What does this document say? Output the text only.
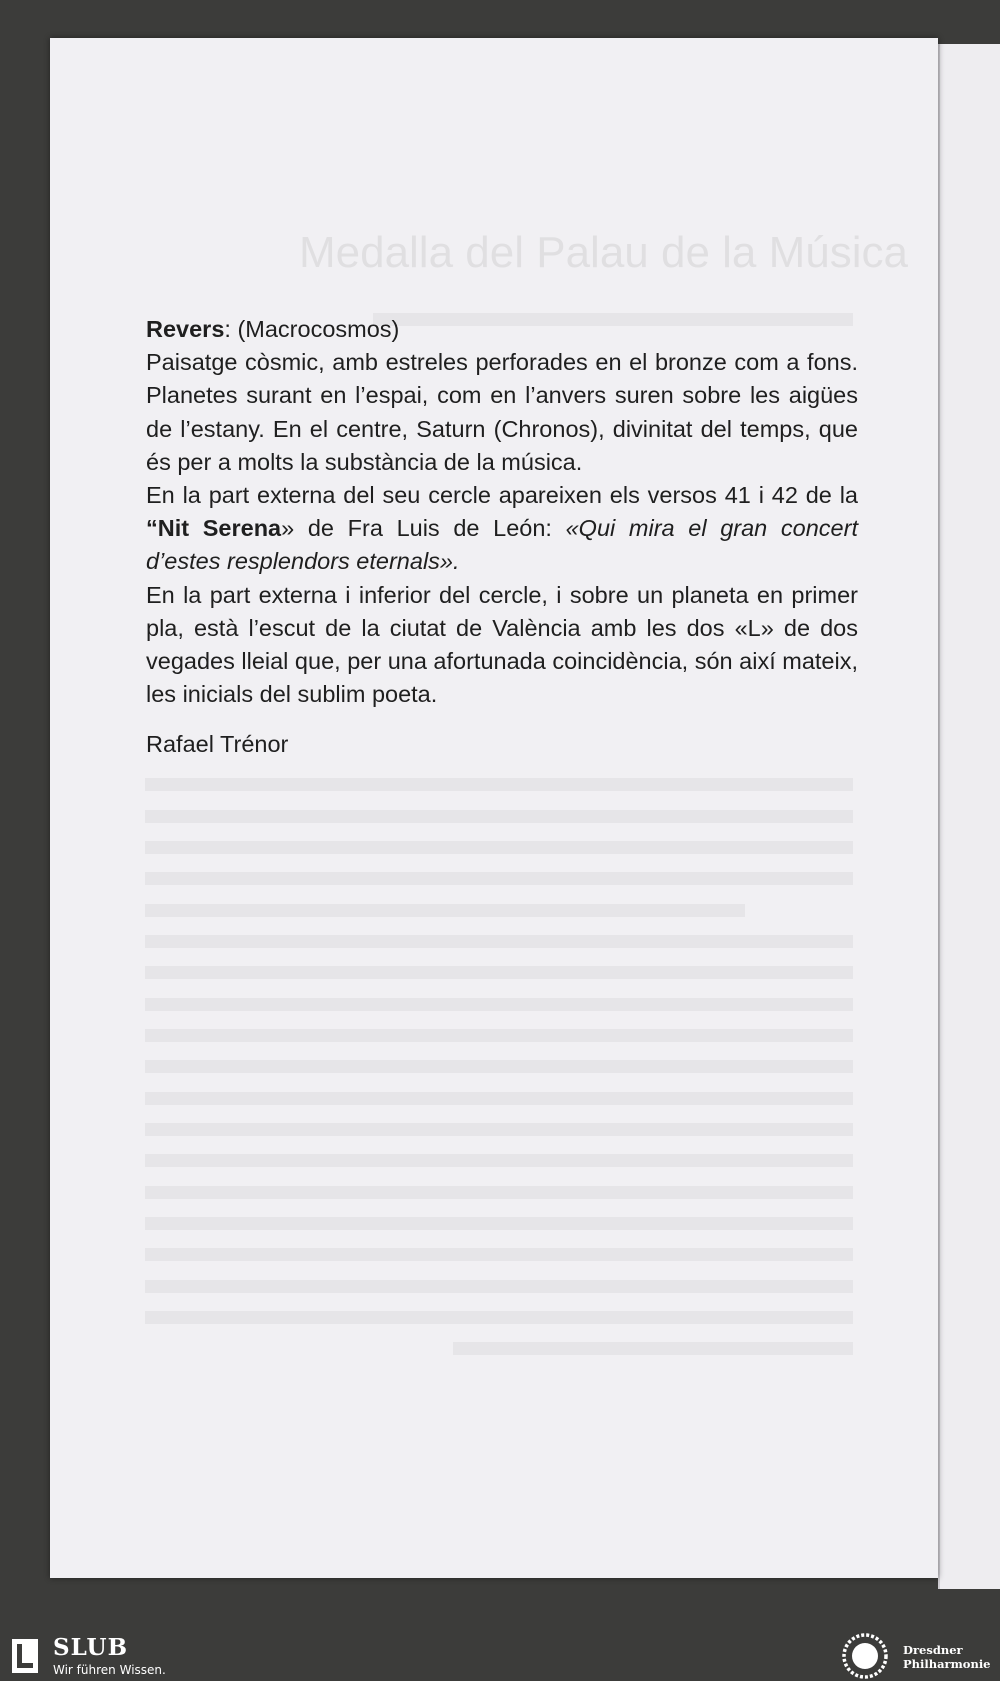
Medalla del Palau de la Música

Revers: (Macrocosmos)
Paisatge còsmic, amb estreles perforades en el bronze com a fons. Planetes surant en l’espai, com en l’anvers suren sobre les aigües de l’estany. En el centre, Saturn (Chronos), divinitat del temps, que és per a molts la substància de la música.

En la part externa del seu cercle apareixen els versos 41 i 42 de la “Nit Serena» de Fra Luis de León: «Qui mira el gran concert d’estes resplendors eternals».

En la part externa i inferior del cercle, i sobre un planeta en primer pla, està l’escut de la ciutat de València amb les dos «L» de dos vegades lleial que, per una afortunada coincidència, són així mateix, les inicials del sublim poeta.

Rafael Trénor

SLUB
Wir führen Wissen.
Dresdner
Philharmonie
